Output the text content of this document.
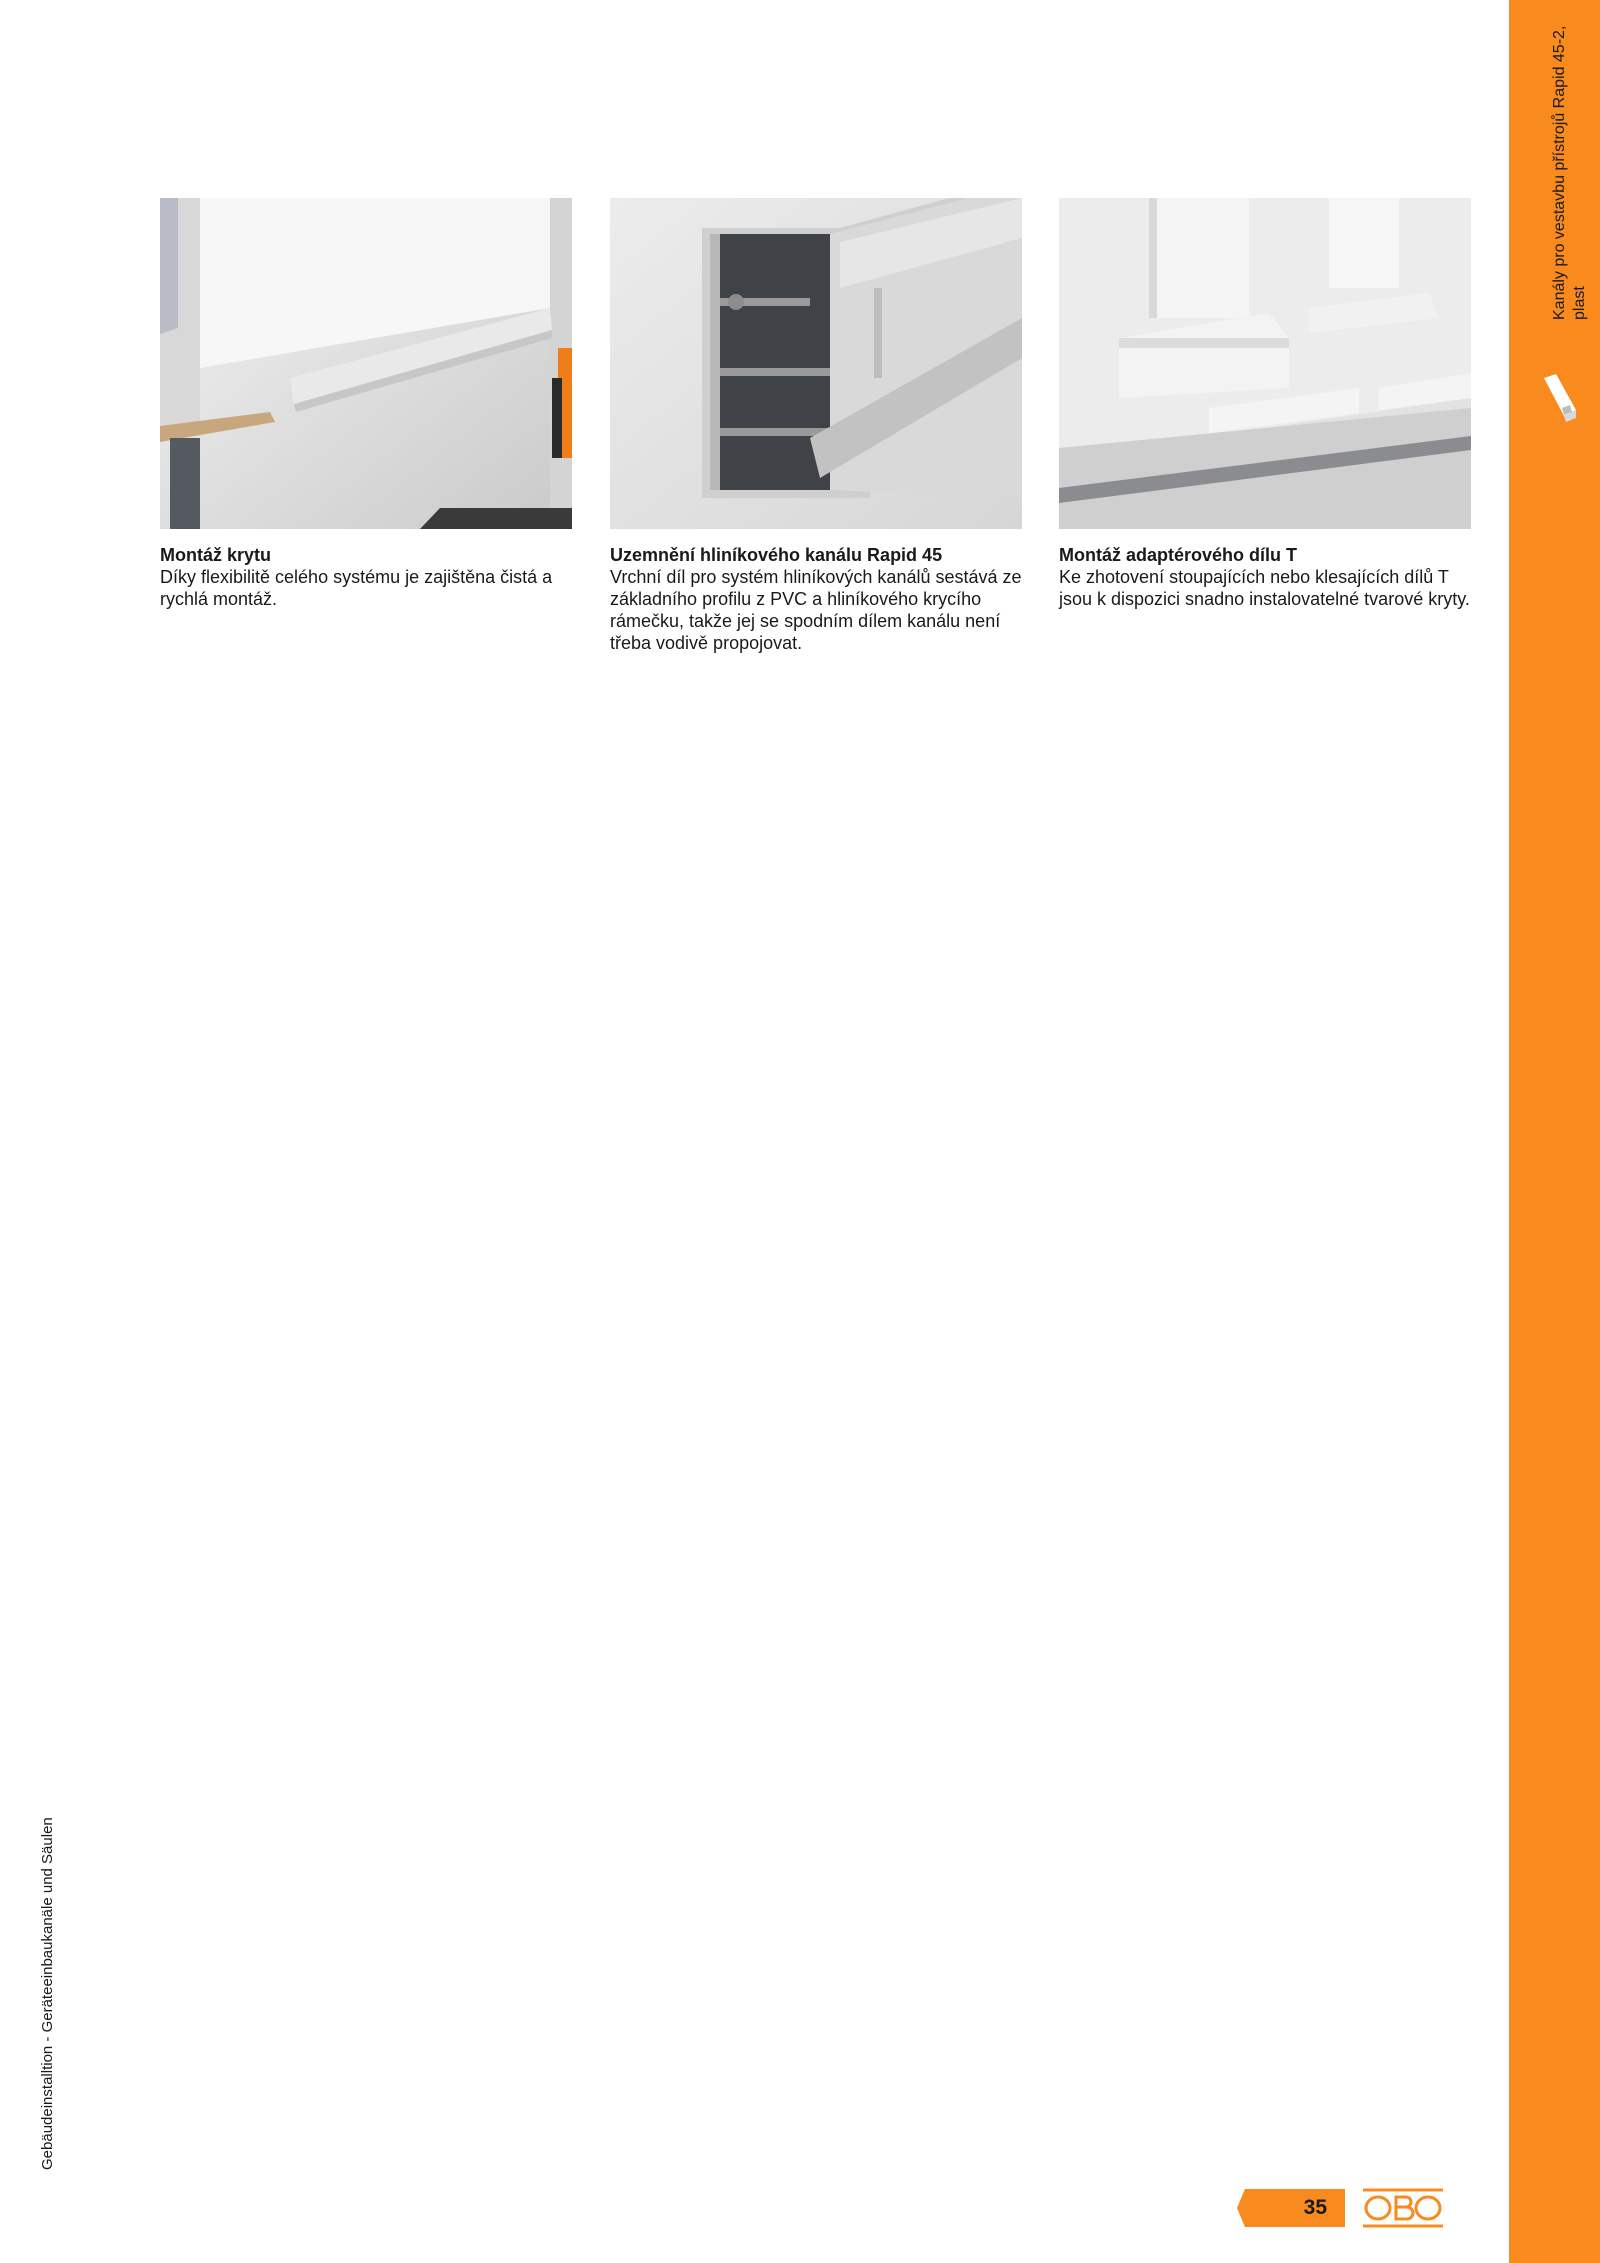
Kanály pro vestavbu přístrojů Rapid 45-2, plast
Gebäudeinstalltion - Geräteeinbaukanäle und Säulen
Montáž krytu
Díky flexibilitě celého systému je zajištěna čistá a rychlá montáž.
Uzemnění hliníkového kanálu Rapid 45
Vrchní díl pro systém hliníkových kanálů sestává ze základního profilu z PVC a hliníkového krycího rámečku, takže jej se spodním dílem kanálu není třeba vodivě propojovat.
Montáž adaptérového dílu T
Ke zhotovení stoupajících nebo klesajících dílů T jsou k dispozici snadno instalovatelné tvarové kryty.
35
